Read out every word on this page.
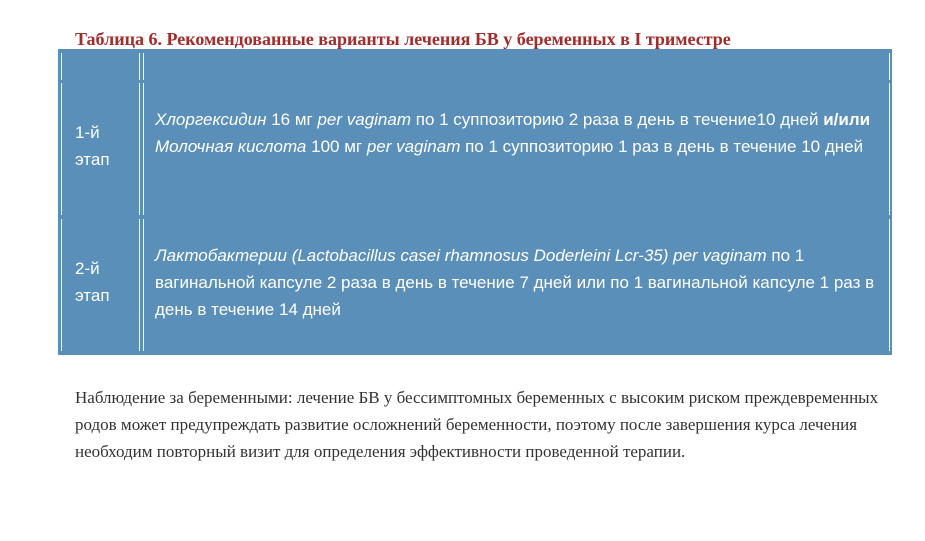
Таблица 6. Рекомендованные варианты лечения БВ у беременных в I триместре
1-й
этап
Хлоргексидин 16 мг per vaginam по 1 суппозиторию 2 раза в день в течение10 дней и/или Молочная кислота 100 мг per vaginam по 1 суппозиторию 1 раз в день в течение 10 дней
2-й
этап
Лактобактерии (Lactobacillus casei rhamnosus Doderleini Lcr-35) per vaginam по 1 вагинальной капсуле 2 раза в день в течение 7 дней или по 1 вагинальной капсуле 1 раз в день в течение 14 дней
Наблюдение за беременными: лечение БВ у бессимптомных беременных с высоким риском преждевременных родов может предупреждать развитие осложнений беременности, поэтому после завершения курса лечения необходим повторный визит для определения эффективности проведенной терапии.
